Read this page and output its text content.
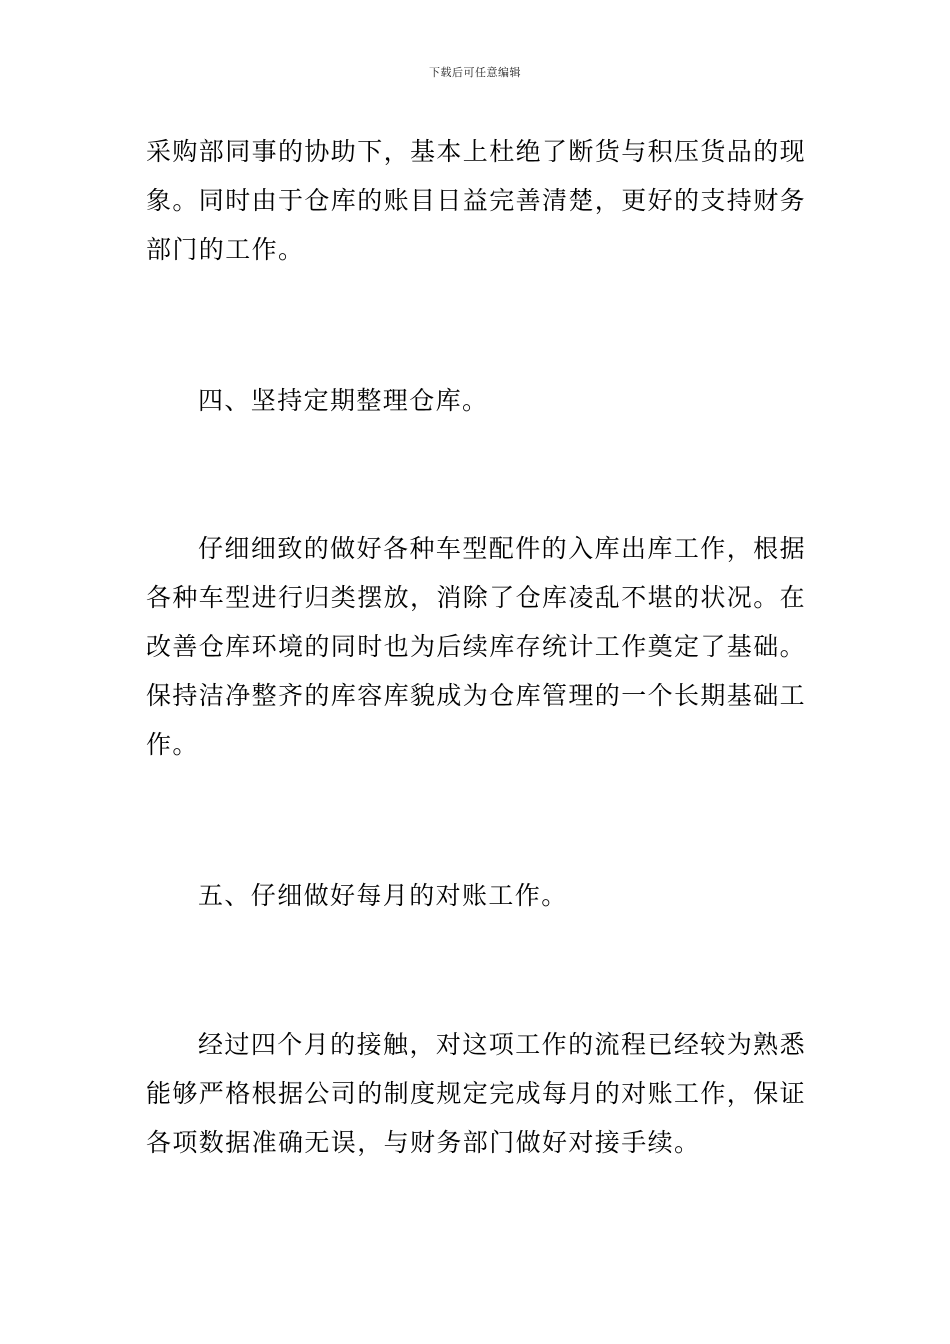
下载后可任意编辑

采购部同事的协助下，基本上杜绝了断货与积压货品的现象。同时由于仓库的账目日益完善清楚，更好的支持财务部门的工作。

四、坚持定期整理仓库。

仔细细致的做好各种车型配件的入库出库工作，根据各种车型进行归类摆放，消除了仓库凌乱不堪的状况。在改善仓库环境的同时也为后续库存统计工作奠定了基础。保持洁净整齐的库容库貌成为仓库管理的一个长期基础工作。

五、仔细做好每月的对账工作。

经过四个月的接触，对这项工作的流程已经较为熟悉能够严格根据公司的制度规定完成每月的对账工作，保证各项数据准确无误，与财务部门做好对接手续。
